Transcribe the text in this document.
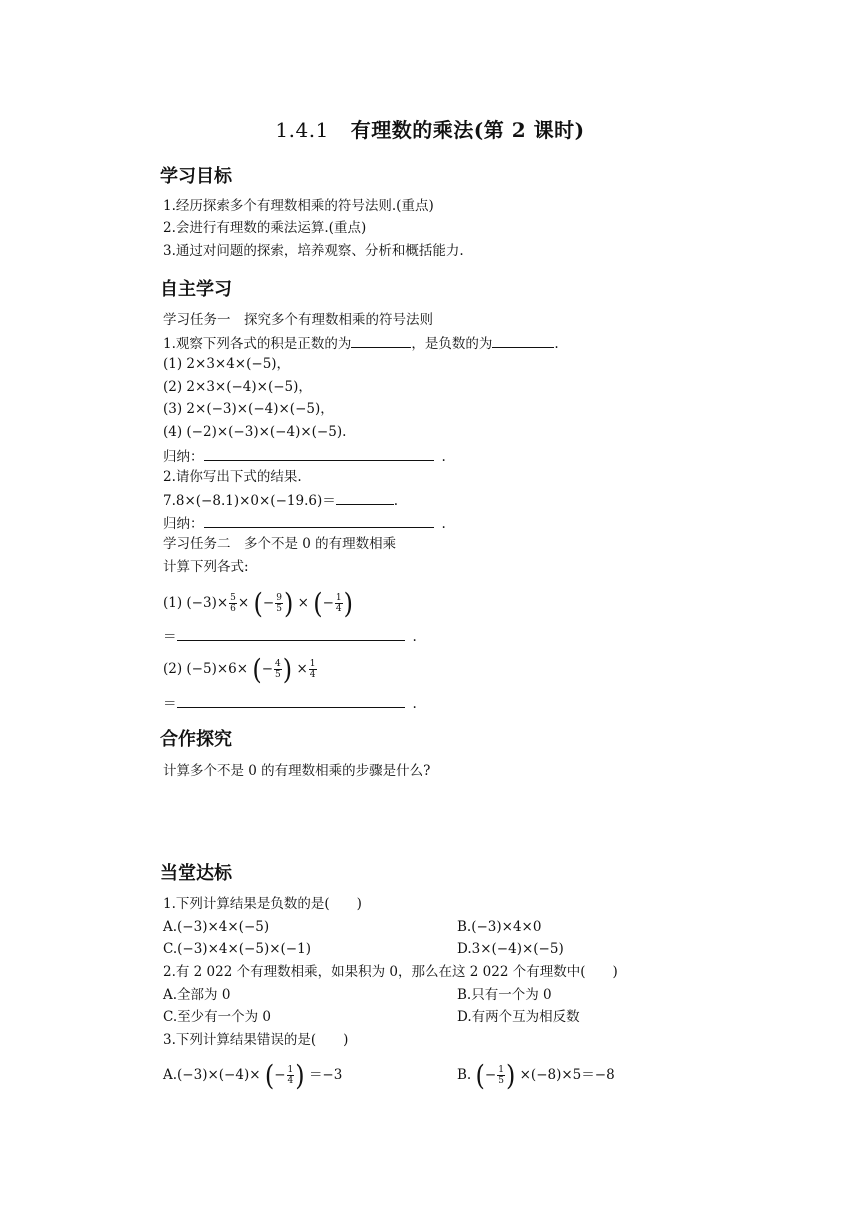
1.4.1 有理数的乘法(第 2 课时)
学习目标
1.经历探索多个有理数相乘的符号法则.(重点)
2.会进行有理数的乘法运算.(重点)
3.通过对问题的探索，培养观察、分析和概括能力.
自主学习
学习任务一　探究多个有理数相乘的符号法则
1.观察下列各式的积是正数的为	，是负数的为	.
(1) 2×3×4×(−5)，
(2) 2×3×(−4)×(−5)，
(3) 2×(−3)×(−4)×(−5)，
(4) (−2)×(−3)×(−4)×(−5).
归纳：	.
2.请你写出下式的结果.
7.8×(−8.1)×0×(−19.6)＝	.
归纳：	.
学习任务二　多个不是 0 的有理数相乘
计算下列各式:
(1) $(-3)\times \frac{5}{6}$ × (− $\frac{9}{5}$ ) × (− $\frac{1}{4}$ )
＝	.
(2) (−5)×6× (− $\frac{4}{5}$ ) × $\frac{1}{4}$
＝	.
合作探究
计算多个不是 0 的有理数相乘的步骤是什么?
当堂达标
1.下列计算结果是负数的是(　　)
A.(−3)×4×(−5)	B.(−3)×4×0
C.(−3)×4×(−5)×(−1)	D.3×(−4)×(−5)
2.有 2 022 个有理数相乘，如果积为 0，那么在这 2 022 个有理数中(　　)
A.全部为 0	B.只有一个为 0
C.至少有一个为 0	D.有两个互为相反数
3.下列计算结果错误的是(　　)
A.(−3)×(−4)× (− $\frac{1}{4}$ ) ＝−3	B. (− $\frac{1}{5}$ ) ×(−8)×5＝−8
